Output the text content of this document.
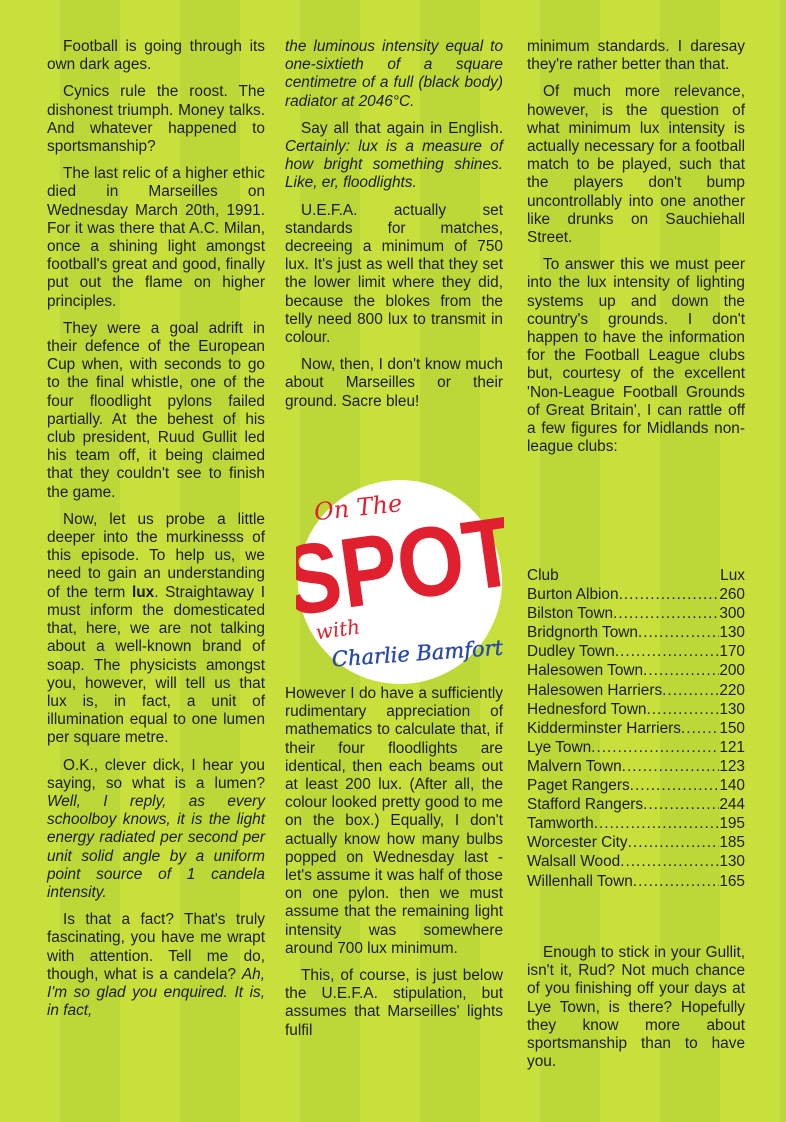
Football is going through its own dark ages.

Cynics rule the roost. The dishonest triumph. Money talks. And whatever happened to sportsmanship?

The last relic of a higher ethic died in Marseilles on Wednesday March 20th, 1991. For it was there that A.C. Milan, once a shining light amongst football's great and good, finally put out the flame on higher principles.

They were a goal adrift in their defence of the European Cup when, with seconds to go to the final whistle, one of the four floodlight pylons failed partially. At the behest of his club president, Ruud Gullit led his team off, it being claimed that they couldn't see to finish the game.

Now, let us probe a little deeper into the murkinesss of this episode. To help us, we need to gain an understanding of the term lux. Straightaway I must inform the domesticated that, here, we are not talking about a well-known brand of soap. The physicists amongst you, however, will tell us that lux is, in fact, a unit of illumination equal to one lumen per square metre.

O.K., clever dick, I hear you saying, so what is a lumen? Well, I reply, as every schoolboy knows, it is the light energy radiated per second per unit solid angle by a uniform point source of 1 candela intensity.

Is that a fact? That's truly fascinating, you have me wrapt with attention. Tell me do, though, what is a candela? Ah, I'm so glad you enquired. It is, in fact,

the luminous intensity equal to one-sixtieth of a square centimetre of a full (black body) radiator at 2046°C.

Say all that again in English. Certainly: lux is a measure of how bright something shines. Like, er, floodlights.

U.E.F.A. actually set standards for matches, decreeing a minimum of 750 lux. It's just as well that they set the lower limit where they did, because the blokes from the telly need 800 lux to transmit in colour.

Now, then, I don't know much about Marseilles or their ground. Sacre bleu!

On The
SPOT
with
Charlie Bamforth

However I do have a sufficiently rudimentary appreciation of mathematics to calculate that, if their four floodlights are identical, then each beams out at least 200 lux. (After all, the colour looked pretty good to me on the box.) Equally, I don't actually know how many bulbs popped on Wednesday last - let's assume it was half of those on one pylon. then we must assume that the remaining light intensity was somewhere around 700 lux minimum.

This, of course, is just below the U.E.F.A. stipulation, but assumes that Marseilles' lights fulfil

minimum standards. I daresay they're rather better than that.

Of much more relevance, however, is the question of what minimum lux intensity is actually necessary for a football match to be played, such that the players don't bump uncontrollably into one another like drunks on Sauchiehall Street.

To answer this we must peer into the lux intensity of lighting systems up and down the country's grounds. I don't happen to have the information for the Football League clubs but, courtesy of the excellent 'Non-League Football Grounds of Great Britain', I can rattle off a few figures for Midlands non-league clubs:

Club	Lux
Burton Albion .....	260
Bilston Town .....	300
Bridgnorth Town .....	130
Dudley Town .....	170
Halesowen Town .....	200
Halesowen Harriers .....	220
Hednesford Town .....	130
Kidderminster Harriers ..... 150
Lye Town .....	121
Malvern Town .....	123
Paget Rangers .....	140
Stafford Rangers .....	244
Tamworth .....	195
Worcester City .....	185
Walsall Wood .....	130
Willenhall Town .....	165

Enough to stick in your Gullit, isn't it, Rud? Not much chance of you finishing off your days at Lye Town, is there? Hopefully they know more about sportsmanship than to have you.
